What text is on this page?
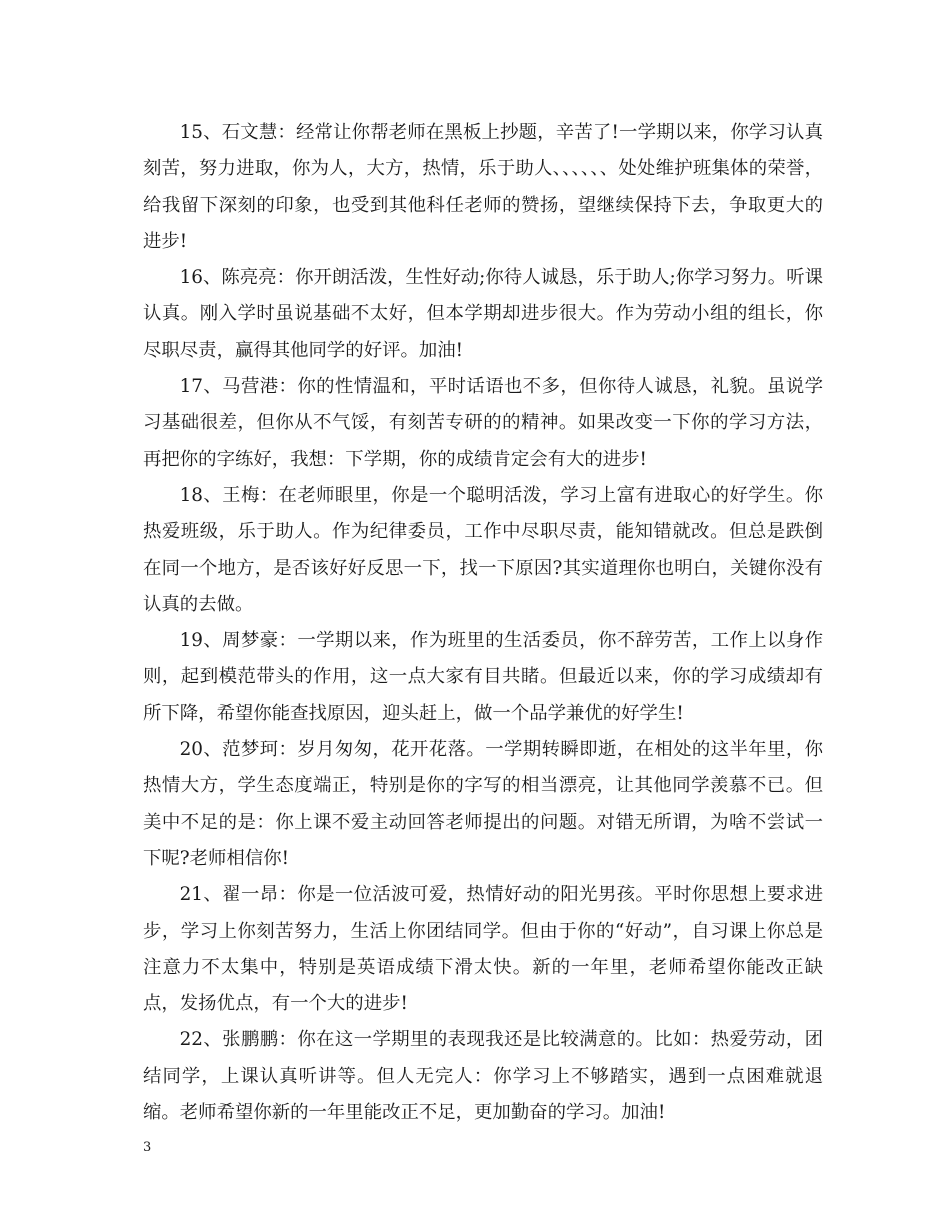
15、石文慧：经常让你帮老师在黑板上抄题，辛苦了!一学期以来，你学习认真刻苦，努力进取，你为人，大方，热情，乐于助人、、、、、、处处维护班集体的荣誉，给我留下深刻的印象，也受到其他科任老师的赞扬，望继续保持下去，争取更大的进步!

16、陈亮亮：你开朗活泼，生性好动;你待人诚恳，乐于助人;你学习努力。听课认真。刚入学时虽说基础不太好，但本学期却进步很大。作为劳动小组的组长，你尽职尽责，赢得其他同学的好评。加油!

17、马营港：你的性情温和，平时话语也不多，但你待人诚恳，礼貌。虽说学习基础很差，但你从不气馁，有刻苦专研的的精神。如果改变一下你的学习方法，再把你的字练好，我想：下学期，你的成绩肯定会有大的进步!

18、王梅：在老师眼里，你是一个聪明活泼，学习上富有进取心的好学生。你热爱班级，乐于助人。作为纪律委员，工作中尽职尽责，能知错就改。但总是跌倒在同一个地方，是否该好好反思一下，找一下原因?其实道理你也明白，关键你没有认真的去做。

19、周梦豪：一学期以来，作为班里的生活委员，你不辞劳苦，工作上以身作则，起到模范带头的作用，这一点大家有目共睹。但最近以来，你的学习成绩却有所下降，希望你能查找原因，迎头赶上，做一个品学兼优的好学生!

20、范梦珂：岁月匆匆，花开花落。一学期转瞬即逝，在相处的这半年里，你热情大方，学生态度端正，特别是你的字写的相当漂亮，让其他同学羡慕不已。但美中不足的是：你上课不爱主动回答老师提出的问题。对错无所谓，为啥不尝试一下呢?老师相信你!

21、翟一昂：你是一位活波可爱，热情好动的阳光男孩。平时你思想上要求进步，学习上你刻苦努力，生活上你团结同学。但由于你的“好动”，自习课上你总是注意力不太集中，特别是英语成绩下滑太快。新的一年里，老师希望你能改正缺点，发扬优点，有一个大的进步!

22、张鹏鹏：你在这一学期里的表现我还是比较满意的。比如：热爱劳动，团结同学，上课认真听讲等。但人无完人：你学习上不够踏实，遇到一点困难就退缩。老师希望你新的一年里能改正不足，更加勤奋的学习。加油!

3
